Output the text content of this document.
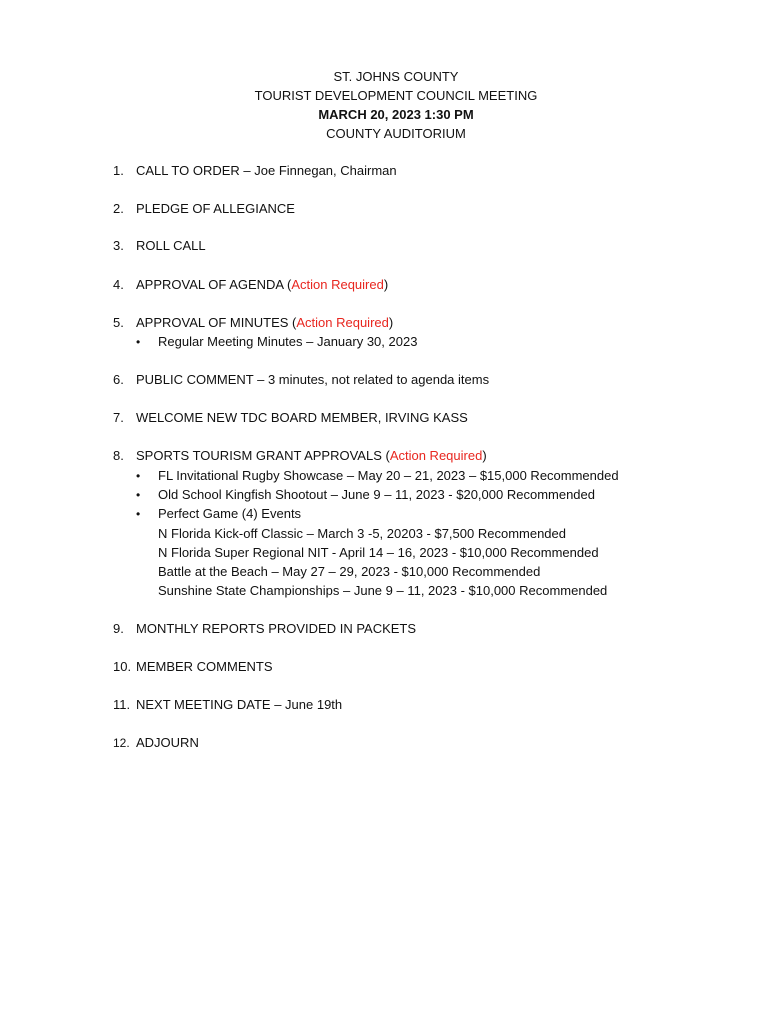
ST. JOHNS COUNTY
TOURIST DEVELOPMENT COUNCIL MEETING
MARCH 20, 2023 1:30 PM
COUNTY AUDITORIUM
1. CALL TO ORDER – Joe Finnegan, Chairman
2. PLEDGE OF ALLEGIANCE
3. ROLL CALL
4. APPROVAL OF AGENDA (Action Required)
5. APPROVAL OF MINUTES (Action Required)
• Regular Meeting Minutes – January 30, 2023
6. PUBLIC COMMENT – 3 minutes, not related to agenda items
7. WELCOME NEW TDC BOARD MEMBER, IRVING KASS
8. SPORTS TOURISM GRANT APPROVALS (Action Required)
• FL Invitational Rugby Showcase – May 20 – 21, 2023 – $15,000 Recommended
• Old School Kingfish Shootout – June 9 – 11, 2023 - $20,000 Recommended
• Perfect Game (4) Events
N Florida Kick-off Classic – March 3 -5, 20203 - $7,500 Recommended
N Florida Super Regional NIT - April 14 – 16, 2023 - $10,000 Recommended
Battle at the Beach – May 27 – 29, 2023 - $10,000 Recommended
Sunshine State Championships – June 9 – 11, 2023 - $10,000 Recommended
9. MONTHLY REPORTS PROVIDED IN PACKETS
10. MEMBER COMMENTS
11. NEXT MEETING DATE – June 19th
12. ADJOURN
